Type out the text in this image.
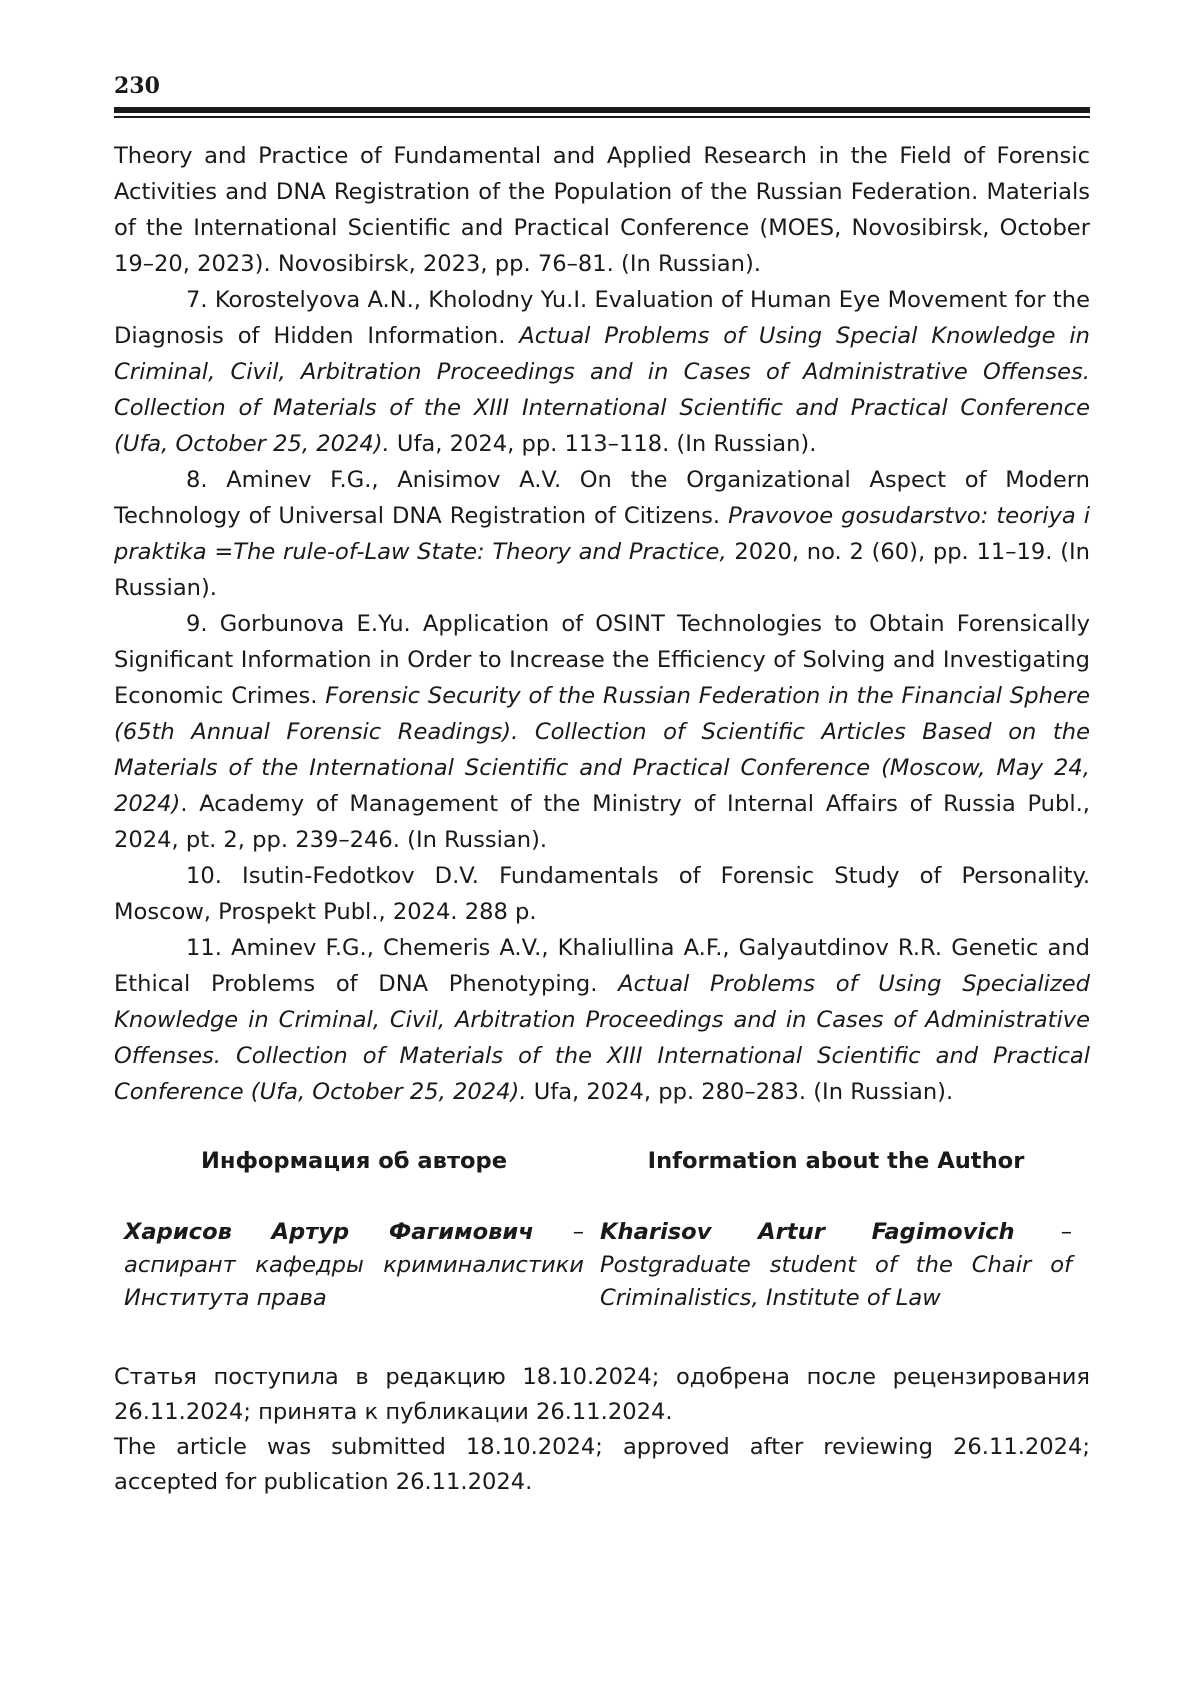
230

Theory and Practice of Fundamental and Applied Research in the Field of Forensic Activities and DNA Registration of the Population of the Russian Federation. Materials of the International Scientific and Practical Conference (MOES, Novosibirsk, October 19–20, 2023). Novosibirsk, 2023, pp. 76–81. (In Russian).

7. Korostelyova A.N., Kholodny Yu.I. Evaluation of Human Eye Movement for the Diagnosis of Hidden Information. Actual Problems of Using Special Knowledge in Criminal, Civil, Arbitration Proceedings and in Cases of Administrative Offenses. Collection of Materials of the XIII International Scientific and Practical Conference (Ufa, October 25, 2024). Ufa, 2024, pp. 113–118. (In Russian).

8. Aminev F.G., Anisimov A.V. On the Organizational Aspect of Modern Technology of Universal DNA Registration of Citizens. Pravovoe gosudarstvo: teoriya i praktika =The rule-of-Law State: Theory and Practice, 2020, no. 2 (60), pp. 11–19. (In Russian).

9. Gorbunova E.Yu. Application of OSINT Technologies to Obtain Forensically Significant Information in Order to Increase the Efficiency of Solving and Investigating Economic Crimes. Forensic Security of the Russian Federation in the Financial Sphere (65th Annual Forensic Readings). Collection of Scientific Articles Based on the Materials of the International Scientific and Practical Conference (Moscow, May 24, 2024). Academy of Management of the Ministry of Internal Affairs of Russia Publ., 2024, pt. 2, pp. 239–246. (In Russian).

10. Isutin-Fedotkov D.V. Fundamentals of Forensic Study of Personality. Moscow, Prospekt Publ., 2024. 288 p.

11. Aminev F.G., Chemeris A.V., Khaliullina A.F., Galyautdinov R.R. Genetic and Ethical Problems of DNA Phenotyping. Actual Problems of Using Specialized Knowledge in Criminal, Civil, Arbitration Proceedings and in Cases of Administrative Offenses. Collection of Materials of the XIII International Scientific and Practical Conference (Ufa, October 25, 2024). Ufa, 2024, pp. 280–283. (In Russian).

Информация об авторе
Харисов Артур Фагимович – аспирант кафедры криминалистики Института права
Information about the Author
Kharisov Artur Fagimovich – Postgraduate student of the Chair of Criminalistics, Institute of Law

Статья поступила в редакцию 18.10.2024; одобрена после рецензирования 26.11.2024; принята к публикации 26.11.2024.

The article was submitted 18.10.2024; approved after reviewing 26.11.2024; accepted for publication 26.11.2024.
